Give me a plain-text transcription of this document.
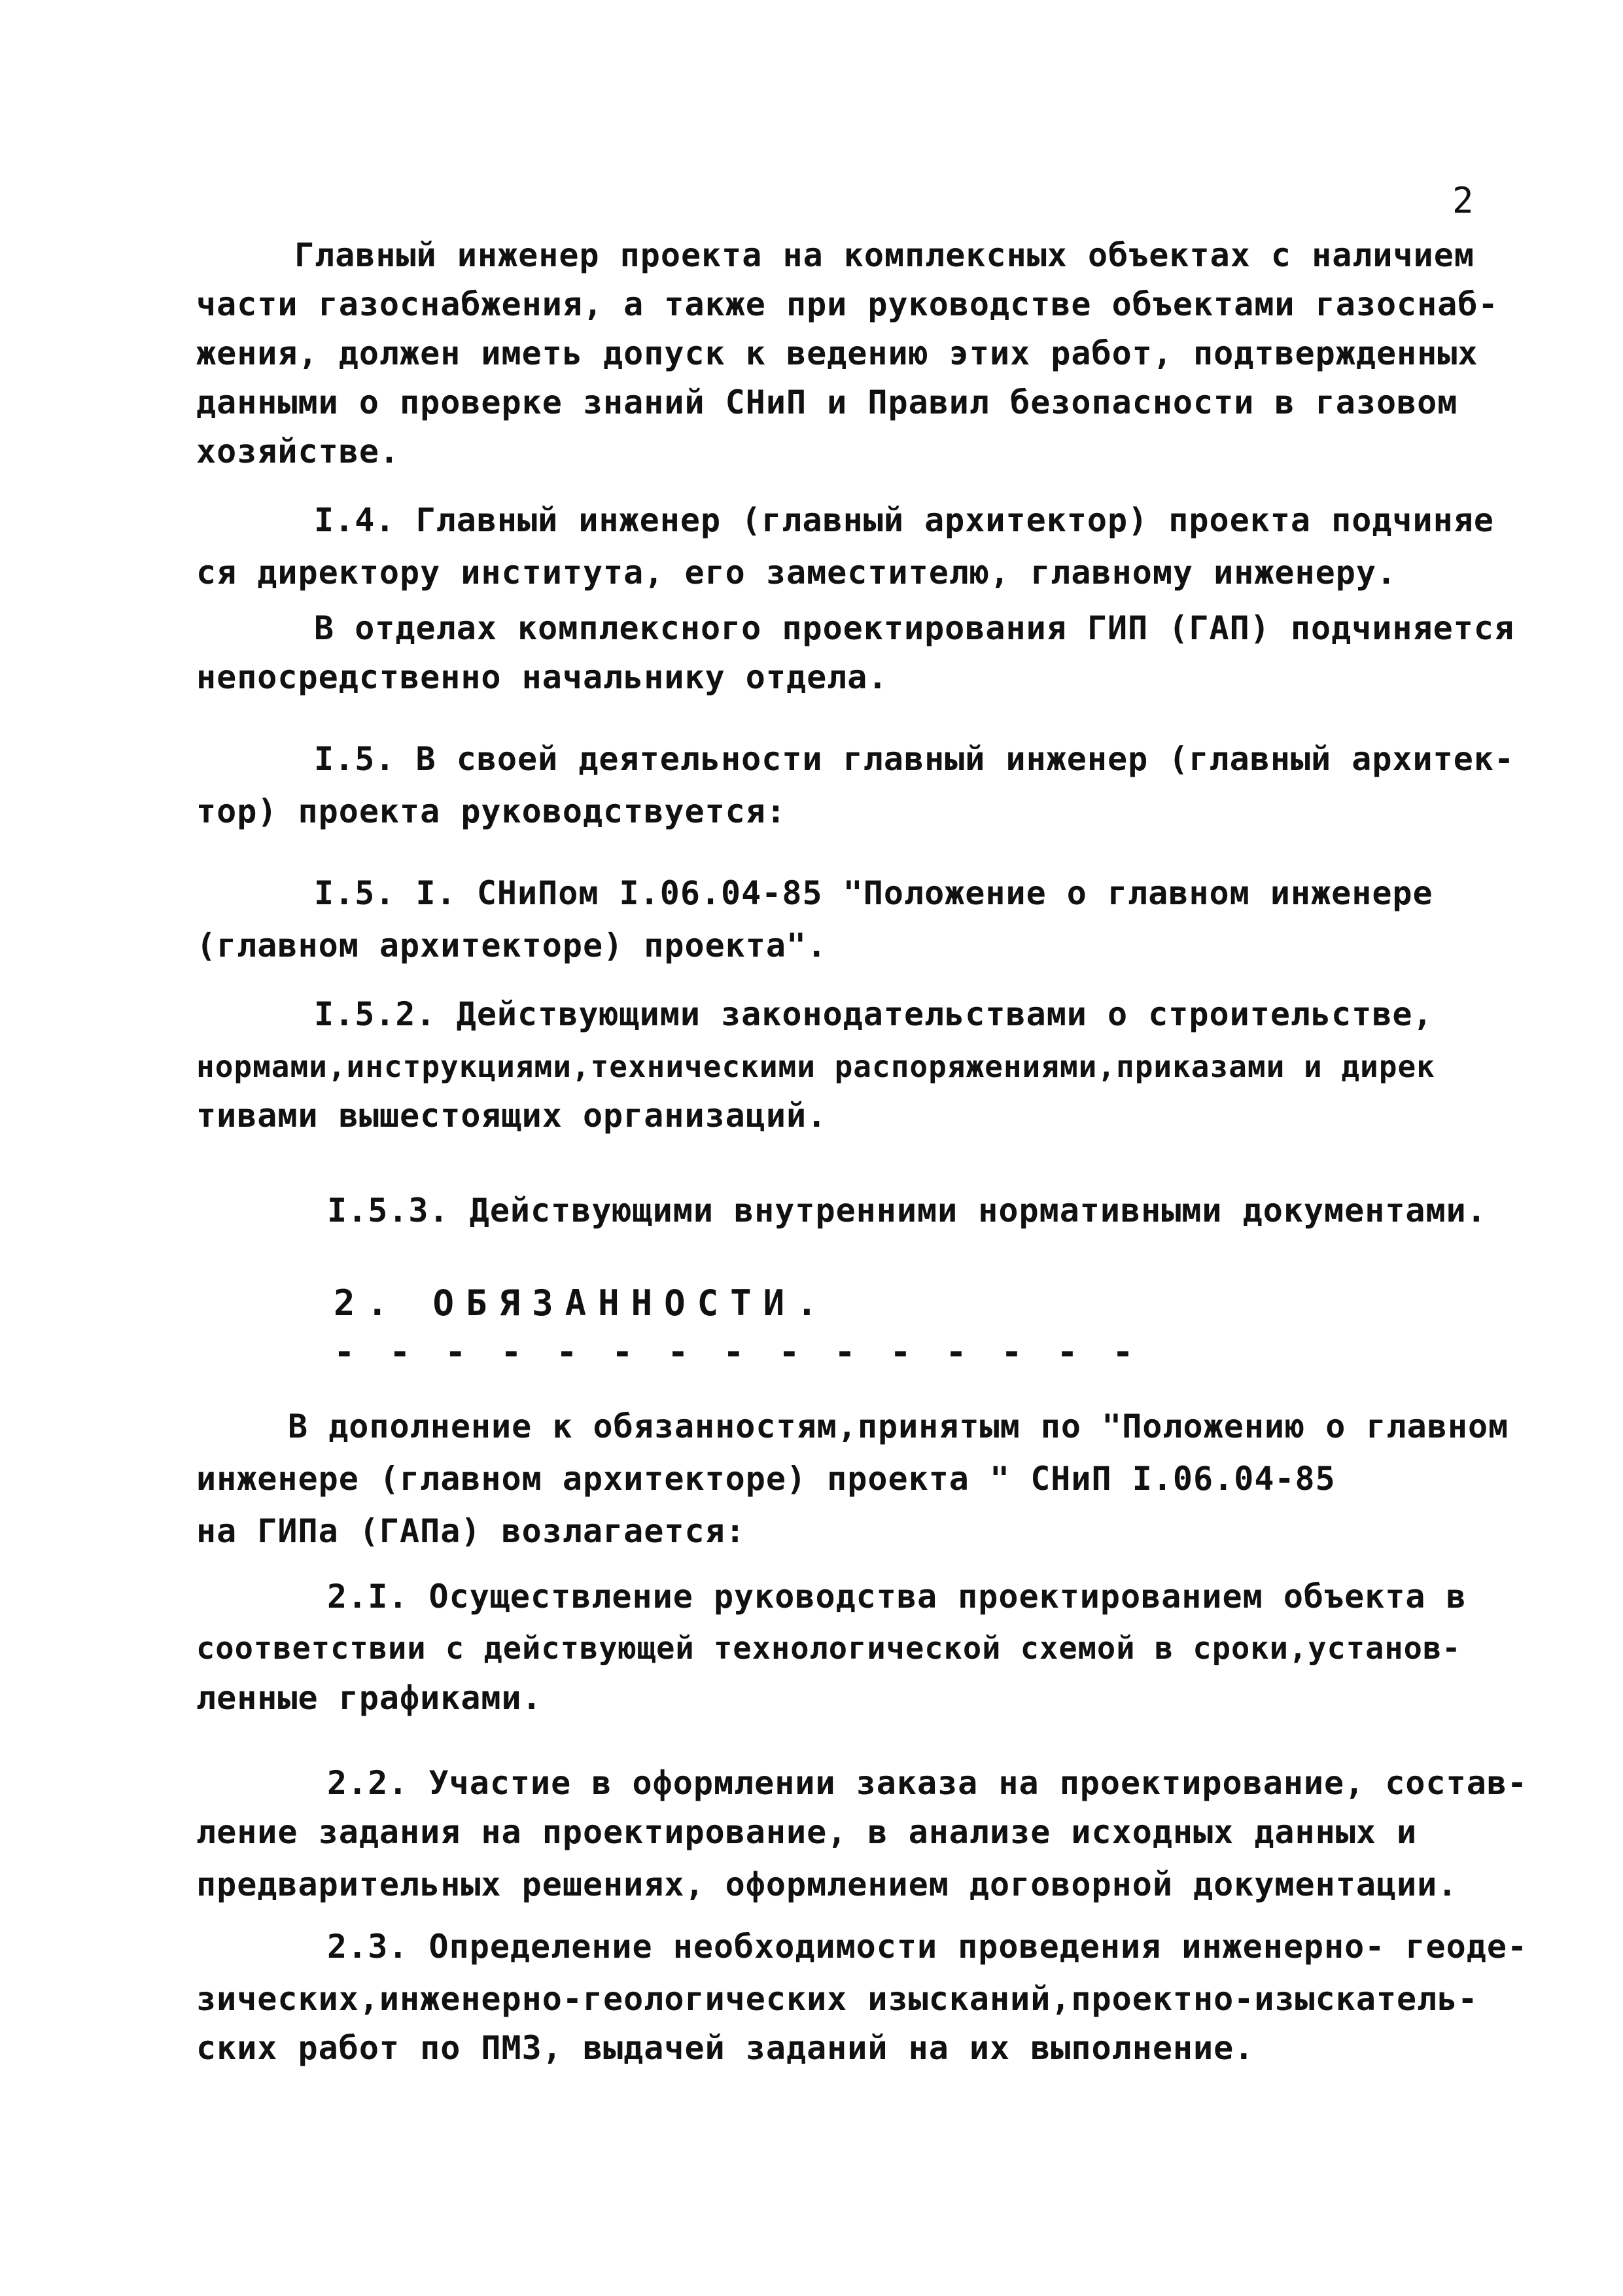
2
Главный инженер проекта на комплексных объектах с наличием
части газоснабжения, а также при руководстве объектами газоснаб-
жения, должен иметь допуск к ведению этих работ, подтвержденных
данными о проверке знаний СНиП и Правил безопасности в газовом
хозяйстве.
I.4. Главный инженер (главный архитектор) проекта подчиняе
ся директору института, его заместителю, главному инженеру.
В отделах комплексного проектирования ГИП (ГАП) подчиняется
непосредственно начальнику отдела.
I.5. В своей деятельности главный инженер (главный архитек-
тор) проекта руководствуется:
I.5. I. СНиПом I.06.04-85 "Положение о главном инженере
(главном архитекторе) проекта".
I.5.2. Действующими законодательствами о строительстве,
нормами,инструкциями,техническими распоряжениями,приказами и дирек
тивами вышестоящих организаций.
I.5.3. Действующими внутренними нормативными документами.
2. ОБЯЗАННОСТИ.
- - - - - - - - - - - - - - -
В дополнение к обязанностям,принятым по "Положению о главном
инженере (главном архитекторе) проекта " СНиП I.06.04-85
на ГИПа (ГАПа) возлагается:
2.I. Осуществление руководства проектированием объекта в
соответствии с действующей технологической схемой в сроки,установ-
ленные графиками.
2.2. Участие в оформлении заказа на проектирование, состав-
ление задания на проектирование, в анализе исходных данных и
предварительных решениях, оформлением договорной документации.
2.3. Определение необходимости проведения инженерно- геоде-
зических,инженерно-геологических изысканий,проектно-изыскатель-
ских работ по ПМЗ, выдачей заданий на их выполнение.
